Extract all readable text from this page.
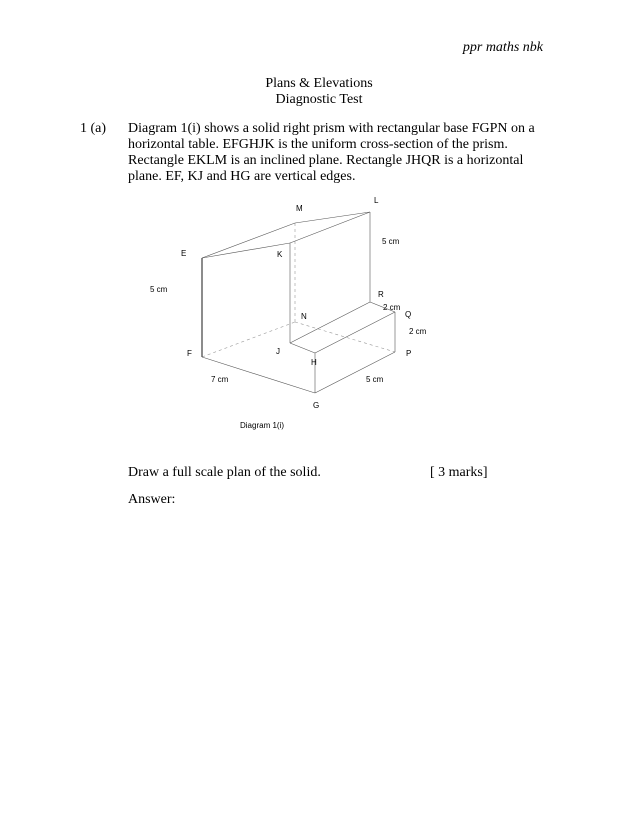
ppr maths nbk
Plans & Elevations
Diagnostic Test
1 (a) Diagram 1(i) shows a solid right prism with rectangular base FGPN on a horizontal table. EFGHJK is the uniform cross-section of the prism. Rectangle EKLM is an inclined plane. Rectangle JHQR is a horizontal plane. EF, KJ and HG are vertical edges.
L
M
E	K
R
Q
N
J	P
F
H
G
5 cm
5 cm
2 cm
2 cm
7 cm	5 cm
Diagram 1(i)
Draw a full scale plan of the solid.	[ 3 marks]
Answer:
